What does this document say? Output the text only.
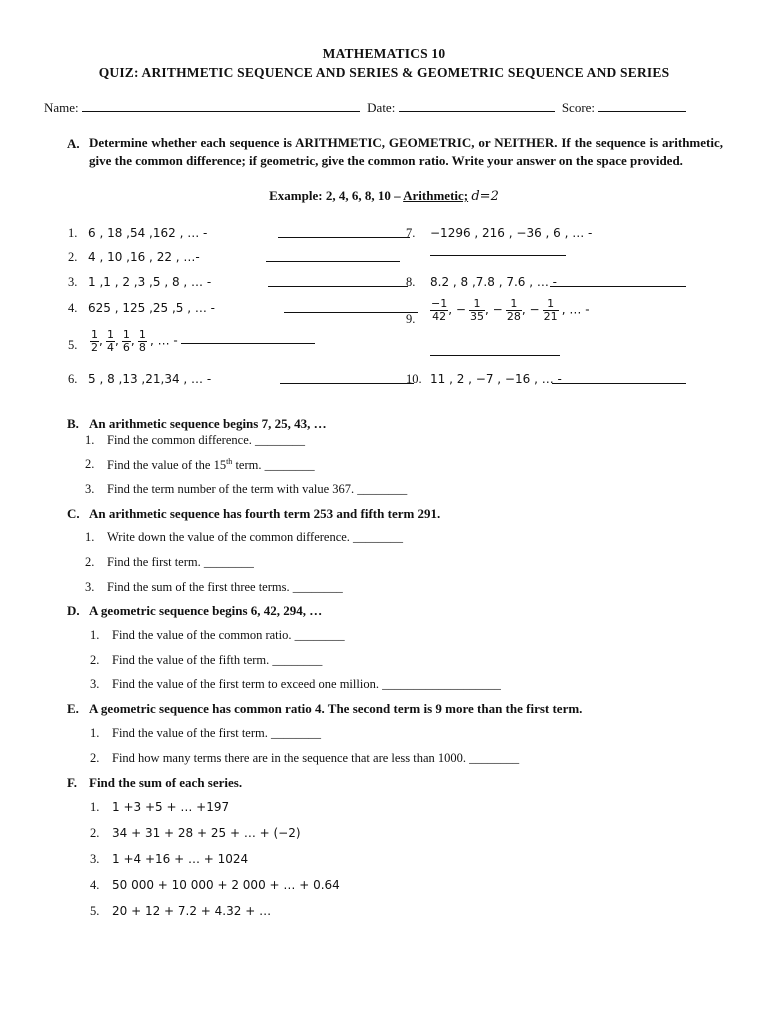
MATHEMATICS 10
QUIZ: ARITHMETIC SEQUENCE AND SERIES & GEOMETRIC SEQUENCE AND SERIES
Name:	Date:	Score:
A. Determine whether each sequence is ARITHMETIC, GEOMETRIC, or NEITHER. If the sequence is arithmetic, give the common difference; if geometric, give the common ratio. Write your answer on the space provided.
Example: 2, 4, 6, 8, 10 – Arithmetic; d=2
1. 6 , 18 ,54 ,162 , … -
2. 4 , 10 ,16 , 22 , …-
3. 1 ,1 , 2 ,3 ,5 , 8 , … -
4. 625 , 125 ,25 ,5 , … -
5. $\frac{1}{2}$ , $\frac{1}{4}$ , $\frac{1}{6}$ , $\frac{1}{8}$ , … -
6. 5 , 8 ,13 ,21,34 , … -
7. −1296 , 216 , −36 , 6 , … -
8. 8.2 , 8 ,7.8 , 7.6 , … -
9. $\frac{-1}{42}$ , − $\frac{1}{35}$ , − $\frac{1}{28}$ , − $\frac{1}{21}$ , … -
10. 11 , 2 , −7 , −16 , … -
B. An arithmetic sequence begins 7, 25, 43, …
1. Find the common difference. ________
2. Find the value of the 15th term. ________
3. Find the term number of the term with value 367. ________
C. An arithmetic sequence has fourth term 253 and fifth term 291.
1. Write down the value of the common difference. ________
2. Find the first term. ________
3. Find the sum of the first three terms. ________
D. A geometric sequence begins 6, 42, 294, …
1. Find the value of the common ratio. ________
2. Find the value of the fifth term. ________
3. Find the value of the first term to exceed one million. ___________________
E. A geometric sequence has common ratio 4. The second term is 9 more than the first term.
1. Find the value of the first term. ________
2. Find how many terms there are in the sequence that are less than 1000. ________
F. Find the sum of each series.
1. 1 +3 +5 + … +197
2. 34 + 31 + 28 + 25 + … + (−2)
3. 1 +4 +16 + … + 1024
4. 50 000 + 10 000 + 2 000 + … + 0.64
5. 20 + 12 + 7.2 + 4.32 + …
